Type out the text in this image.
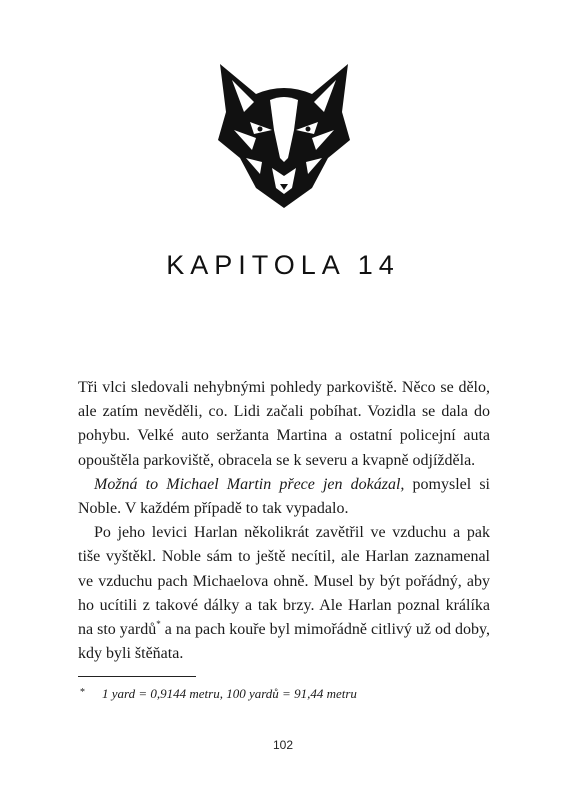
KAPITOLA 14

Tři vlci sledovali nehybnými pohledy parkoviště. Něco se dělo, ale zatím nevěděli, co. Lidi začali pobíhat. Vozidla se dala do pohybu. Velké auto seržanta Martina a ostatní policejní auta opouštěla parkoviště, obracela se k severu a kvapně odjížděla.

Možná to Michael Martin přece jen dokázal, pomyslel si Noble. V každém případě to tak vypadalo.

Po jeho levici Harlan několikrát zavětřil ve vzduchu a pak tiše vyštěkl. Noble sám to ještě necítil, ale Harlan zaznamenal ve vzduchu pach Michaelova ohně. Musel by být pořádný, aby ho ucítili z takové dálky a tak brzy. Ale Harlan poznal králíka na sto yardů* a na pach kouře byl mimořádně citlivý už od doby, kdy byli štěňata.

* 1 yard = 0,9144 metru, 100 yardů = 91,44 metru
102
